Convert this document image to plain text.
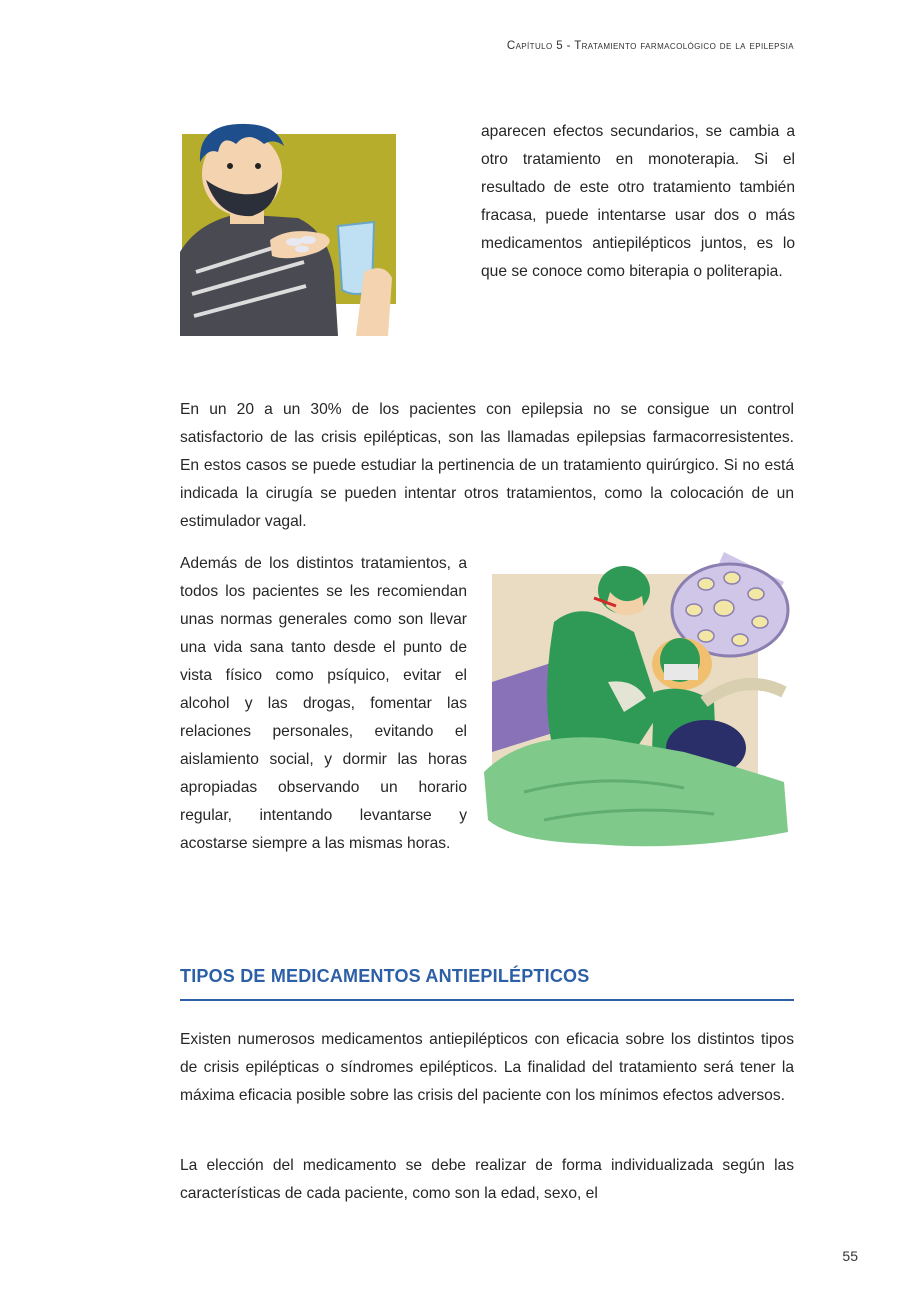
Capítulo 5 - Tratamiento farmacológico de la epilepsia

aparecen efectos secundarios, se cambia a otro tratamiento en monoterapia. Si el resultado de este otro tratamiento también fracasa, puede intentarse usar dos o más medicamentos antiepilépticos juntos, es lo que se conoce como biterapia o politerapia.

En un 20 a un 30% de los pacientes con epilepsia no se consigue un control satisfactorio de las crisis epilépticas, son las llamadas epilepsias farmacorresistentes. En estos casos se puede estudiar la pertinencia de un tratamiento quirúrgico. Si no está indicada la cirugía se pueden intentar otros tratamientos, como la colocación de un estimulador vagal.

Además de los distintos tratamientos, a todos los pacientes se les recomiendan unas normas generales como son llevar una vida sana tanto desde el punto de vista físico como psíquico, evitar el alcohol y las drogas, fomentar las relaciones personales, evitando el aislamiento social, y dormir las horas apropiadas observando un horario regular, intentando levantarse y acostarse siempre a las mismas horas.

TIPOS DE MEDICAMENTOS ANTIEPILÉPTICOS

Existen numerosos medicamentos antiepilépticos con eficacia sobre los distintos tipos de crisis epilépticas o síndromes epilépticos. La finalidad del tratamiento será tener la máxima eficacia posible sobre las crisis del paciente con los mínimos efectos adversos.

La elección del medicamento se debe realizar de forma individualizada según las características de cada paciente, como son la edad, sexo, el

55
